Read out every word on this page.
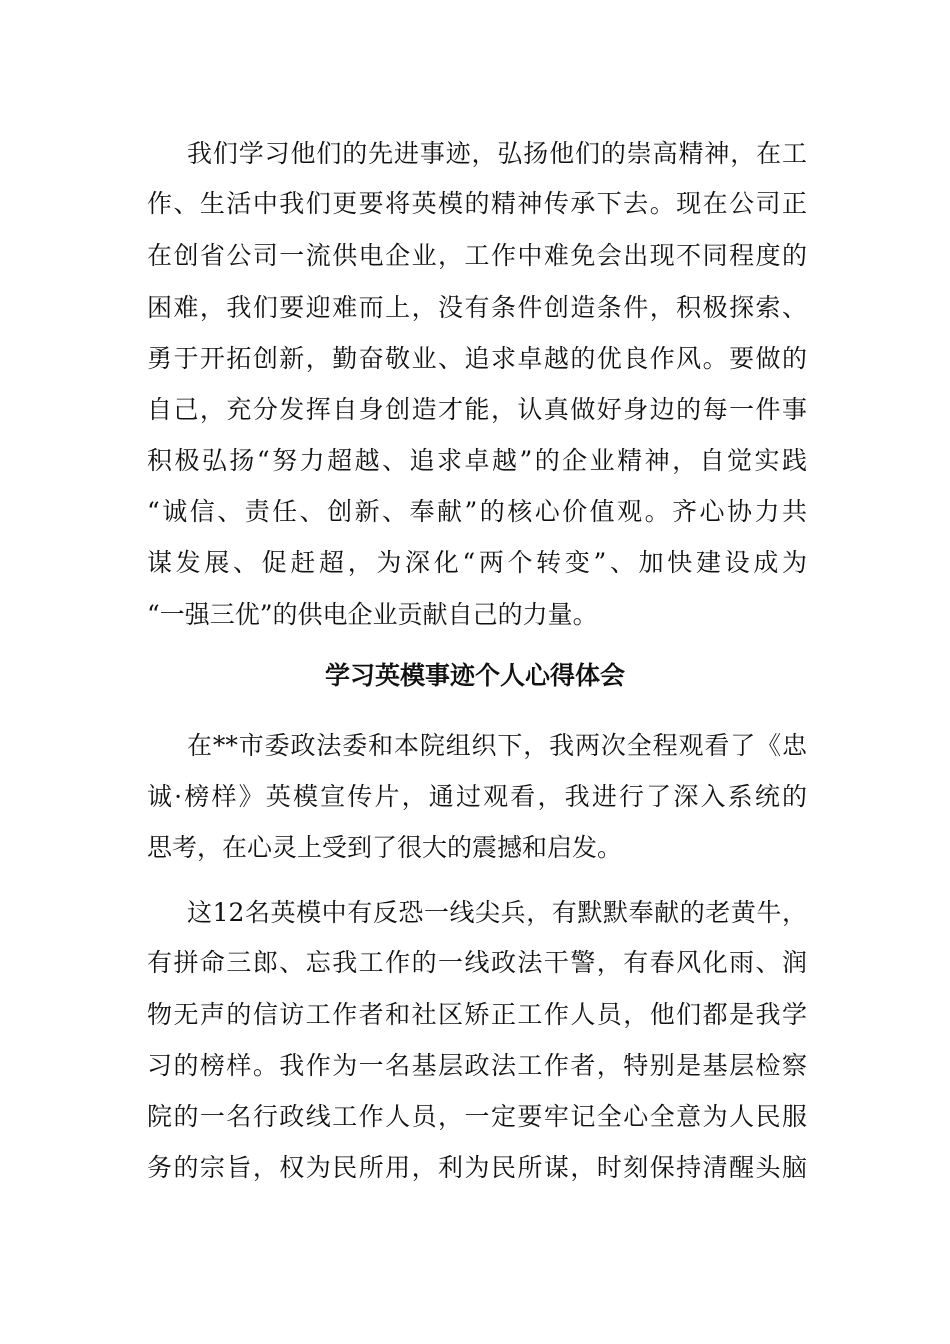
我们学习他们的先进事迹，弘扬他们的崇高精神，在工
作、生活中我们更要将英模的精神传承下去。现在公司正
在创省公司一流供电企业，工作中难免会出现不同程度的
困难，我们要迎难而上，没有条件创造条件，积极探索、
勇于开拓创新，勤奋敬业、追求卓越的优良作风。要做的
自己，充分发挥自身创造才能，认真做好身边的每一件事
积极弘扬“努力超越、追求卓越”的企业精神，自觉实践
“诚信、责任、创新、奉献”的核心价值观。齐心协力共
谋发展、促赶超，为深化“两个转变”、加快建设成为
“一强三优”的供电企业贡献自己的力量。
学习英模事迹个人心得体会
在**市委政法委和本院组织下，我两次全程观看了《忠
诚·榜样》英模宣传片，通过观看，我进行了深入系统的
思考，在心灵上受到了很大的震撼和启发。
这12名英模中有反恐一线尖兵，有默默奉献的老黄牛，
有拼命三郎、忘我工作的一线政法干警，有春风化雨、润
物无声的信访工作者和社区矫正工作人员，他们都是我学
习的榜样。我作为一名基层政法工作者，特别是基层检察
院的一名行政线工作人员，一定要牢记全心全意为人民服
务的宗旨，权为民所用，利为民所谋，时刻保持清醒头脑
